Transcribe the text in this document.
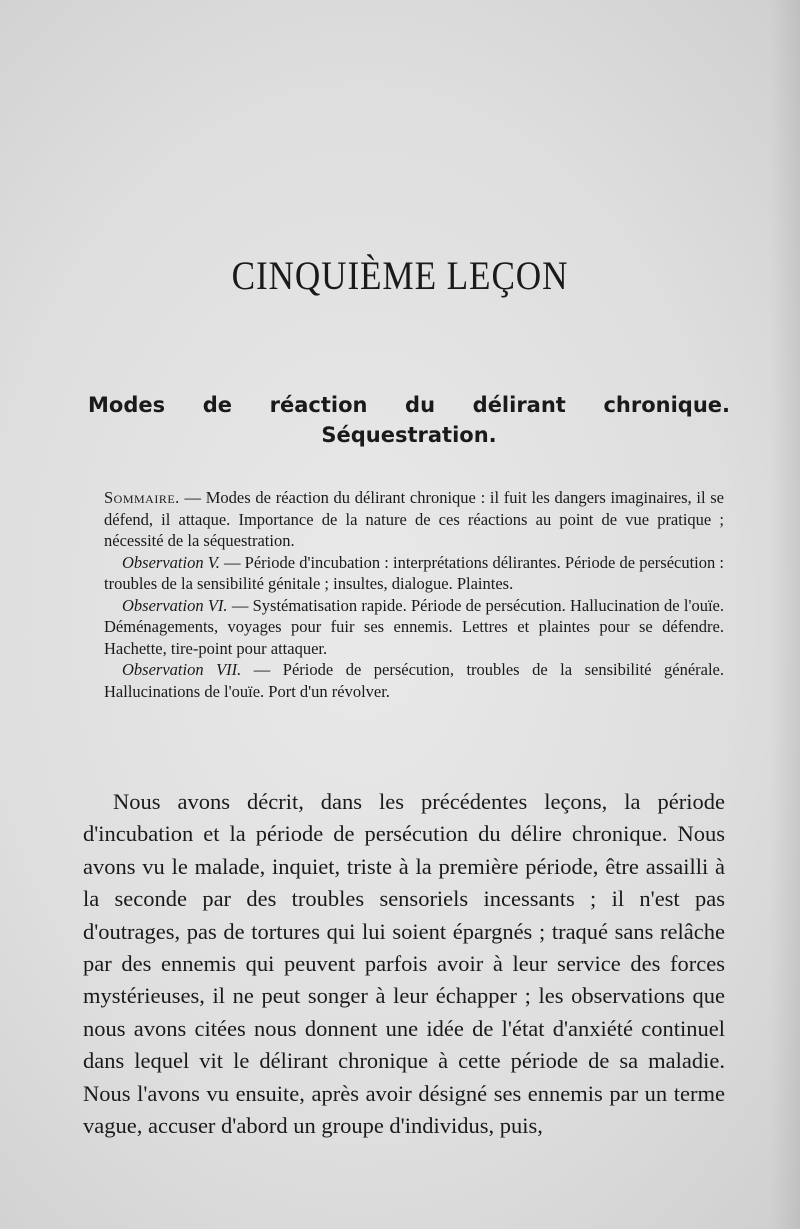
CINQUIÈME LEÇON
Modes de réaction du délirant chronique. Séquestration.

Sommaire. — Modes de réaction du délirant chronique : il fuit les dangers imaginaires, il se défend, il attaque. Importance de la nature de ces réactions au point de vue pratique ; nécessité de la séquestration.

Observation V. — Période d'incubation : interprétations délirantes. Période de persécution : troubles de la sensibilité génitale ; insultes, dialogue. Plaintes.

Observation VI. — Systématisation rapide. Période de persécution. Hallucination de l'ouïe. Déménagements, voyages pour fuir ses ennemis. Lettres et plaintes pour se défendre. Hachette, tire-point pour attaquer.

Observation VII. — Période de persécution, troubles de la sensibilité générale. Hallucinations de l'ouïe. Port d'un révolver.

Nous avons décrit, dans les précédentes leçons, la période d'incubation et la période de persécution du délire chronique. Nous avons vu le malade, inquiet, triste à la première période, être assailli à la seconde par des troubles sensoriels incessants ; il n'est pas d'outrages, pas de tortures qui lui soient épargnés ; traqué sans relâche par des ennemis qui peuvent parfois avoir à leur service des forces mystérieuses, il ne peut songer à leur échapper ; les observations que nous avons citées nous donnent une idée de l'état d'anxiété continuel dans lequel vit le délirant chronique à cette période de sa maladie. Nous l'avons vu ensuite, après avoir désigné ses ennemis par un terme vague, accuser d'abord un groupe d'individus, puis,
